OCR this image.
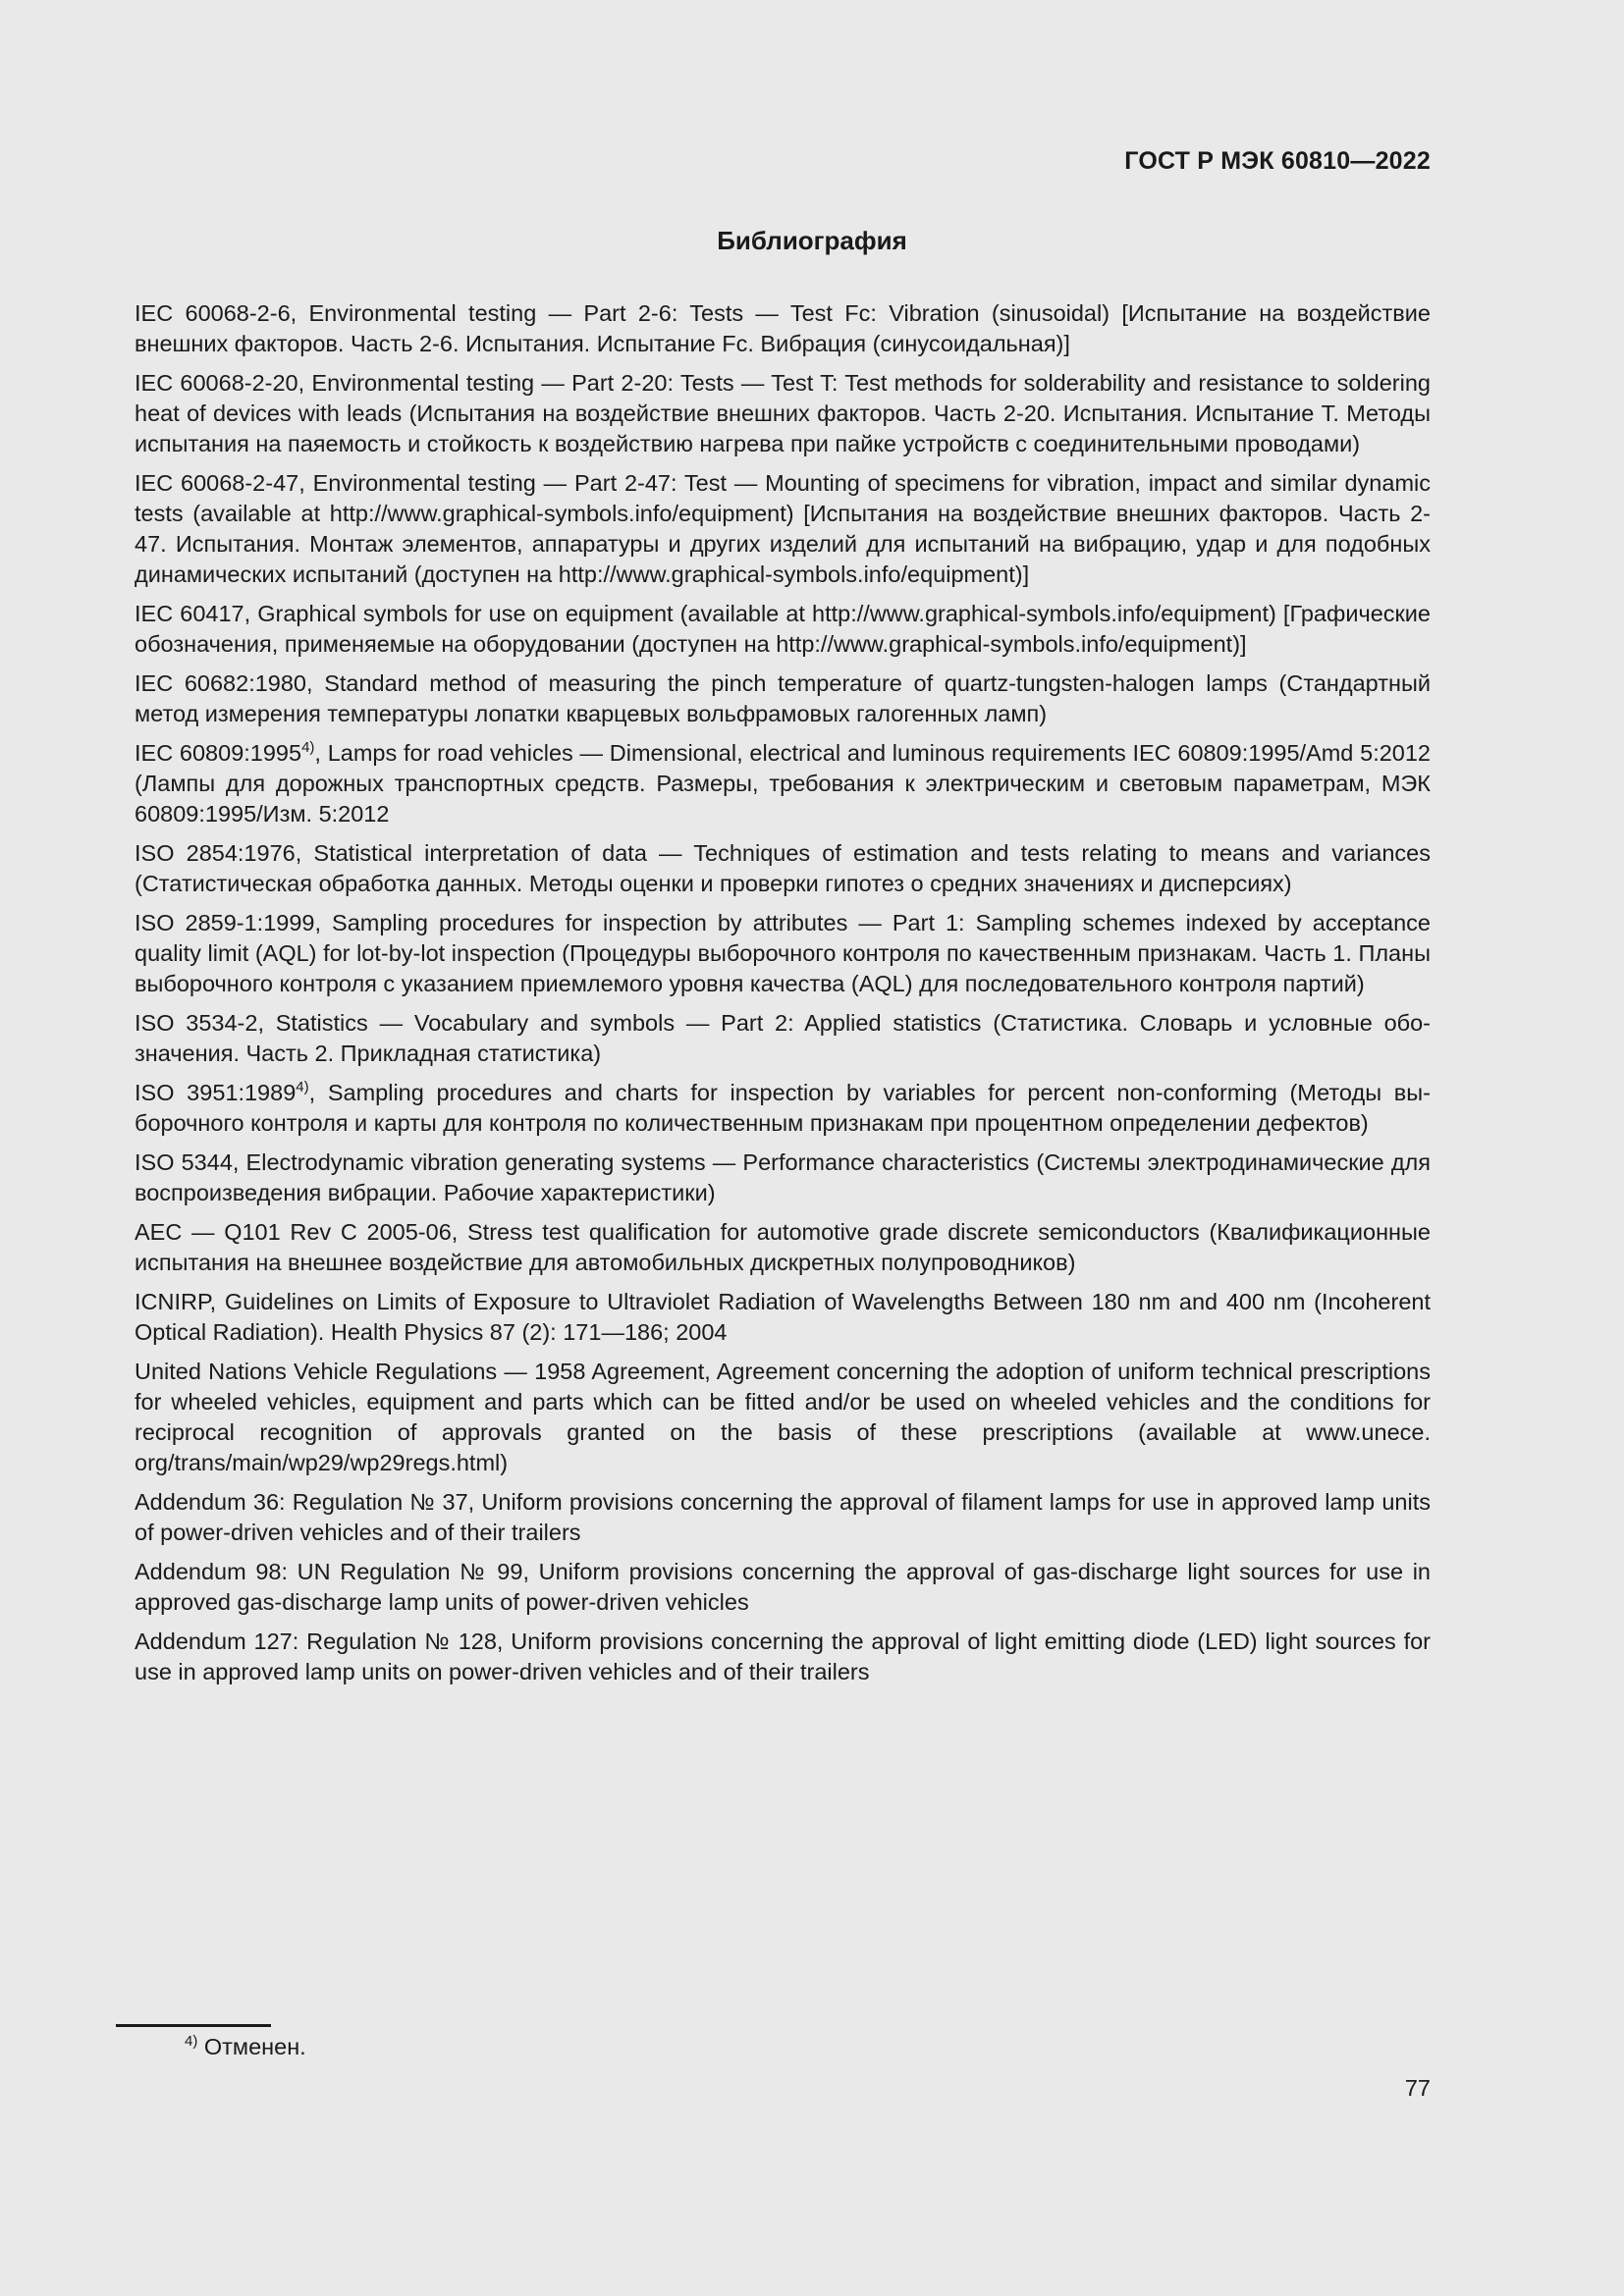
ГОСТ Р МЭК 60810—2022
Библиография

IEC 60068-2-6, Environmental testing — Part 2-6: Tests — Test Fc: Vibration (sinusoidal) [Испытание на воздействие внешних факторов. Часть 2-6. Испытания. Испытание Fc. Вибрация (синусоидальная)]

IEC 60068-2-20, Environmental testing — Part 2-20: Tests — Test T: Test methods for solderability and resistance to soldering heat of devices with leads (Испытания на воздействие внешних факторов. Часть 2-20. Испытания. Испытание Т. Методы испытания на паяемость и стойкость к воздействию нагрева при пайке устройств с соединительными проводами)

IEC 60068-2-47, Environmental testing — Part 2-47: Test — Mounting of specimens for vibration, impact and similar dynamic tests (available at http://www.graphical-symbols.info/equipment) [Испытания на воздействие внешних факторов. Часть 2-47. Испытания. Монтаж элементов, аппаратуры и других изделий для испытаний на вибрацию, удар и для подобных динамических испытаний (доступен на http://www.graphical-symbols.info/equipment)]

IEC 60417, Graphical symbols for use on equipment (available at http://www.graphical-symbols.info/equipment) [Графические обозначения, применяемые на оборудовании (доступен на http://www.graphical-symbols.info/equipment)]

IEC 60682:1980, Standard method of measuring the pinch temperature of quartz-tungsten-halogen lamps (Стандартный метод измерения температуры лопатки кварцевых вольфрамовых галогенных ламп)

IEC 60809:1995$^{4)}$, Lamps for road vehicles — Dimensional, electrical and luminous requirements IEC 60809:1995/Amd 5:2012 (Лампы для дорожных транспортных средств. Размеры, требования к электрическим и световым параметрам, МЭК 60809:1995/Изм. 5:2012

ISO 2854:1976, Statistical interpretation of data — Techniques of estimation and tests relating to means and variances (Статистическая обработка данных. Методы оценки и проверки гипотез о средних значениях и дисперсиях)

ISO 2859-1:1999, Sampling procedures for inspection by attributes — Part 1: Sampling schemes indexed by acceptance quality limit (AQL) for lot-by-lot inspection (Процедуры выборочного контроля по качественным признакам. Часть 1. Планы выборочного контроля с указанием приемлемого уровня качества (AQL) для последовательного контроля партий)

ISO 3534-2, Statistics — Vocabulary and symbols — Part 2: Applied statistics (Статистика. Словарь и условные обозначения. Часть 2. Прикладная статистика)

ISO 3951:1989$^{4)}$, Sampling procedures and charts for inspection by variables for percent non-conforming (Методы выборочного контроля и карты для контроля по количественным признакам при процентном определении дефектов)

ISO 5344, Electrodynamic vibration generating systems — Performance characteristics (Системы электродинамические для воспроизведения вибрации. Рабочие характеристики)

AEC — Q101 Rev C 2005-06, Stress test qualification for automotive grade discrete semiconductors (Квалификационные испытания на внешнее воздействие для автомобильных дискретных полупроводников)

ICNIRP, Guidelines on Limits of Exposure to Ultraviolet Radiation of Wavelengths Between 180 nm and 400 nm (Incoherent Optical Radiation). Health Physics 87 (2): 171—186; 2004

United Nations Vehicle Regulations — 1958 Agreement, Agreement concerning the adoption of uniform technical prescriptions for wheeled vehicles, equipment and parts which can be fitted and/or be used on wheeled vehicles and the conditions for reciprocal recognition of approvals granted on the basis of these prescriptions (available at www.unece.​org/trans/main/wp29/wp29regs.html)

Addendum 36: Regulation № 37, Uniform provisions concerning the approval of filament lamps for use in approved lamp units of power-driven vehicles and of their trailers

Addendum 98: UN Regulation № 99, Uniform provisions concerning the approval of gas-discharge light sources for use in approved gas-discharge lamp units of power-driven vehicles

Addendum 127: Regulation № 128, Uniform provisions concerning the approval of light emitting diode (LED) light sources for use in approved lamp units on power-driven vehicles and of their trailers

$^{4)}$ Отменен.
77
